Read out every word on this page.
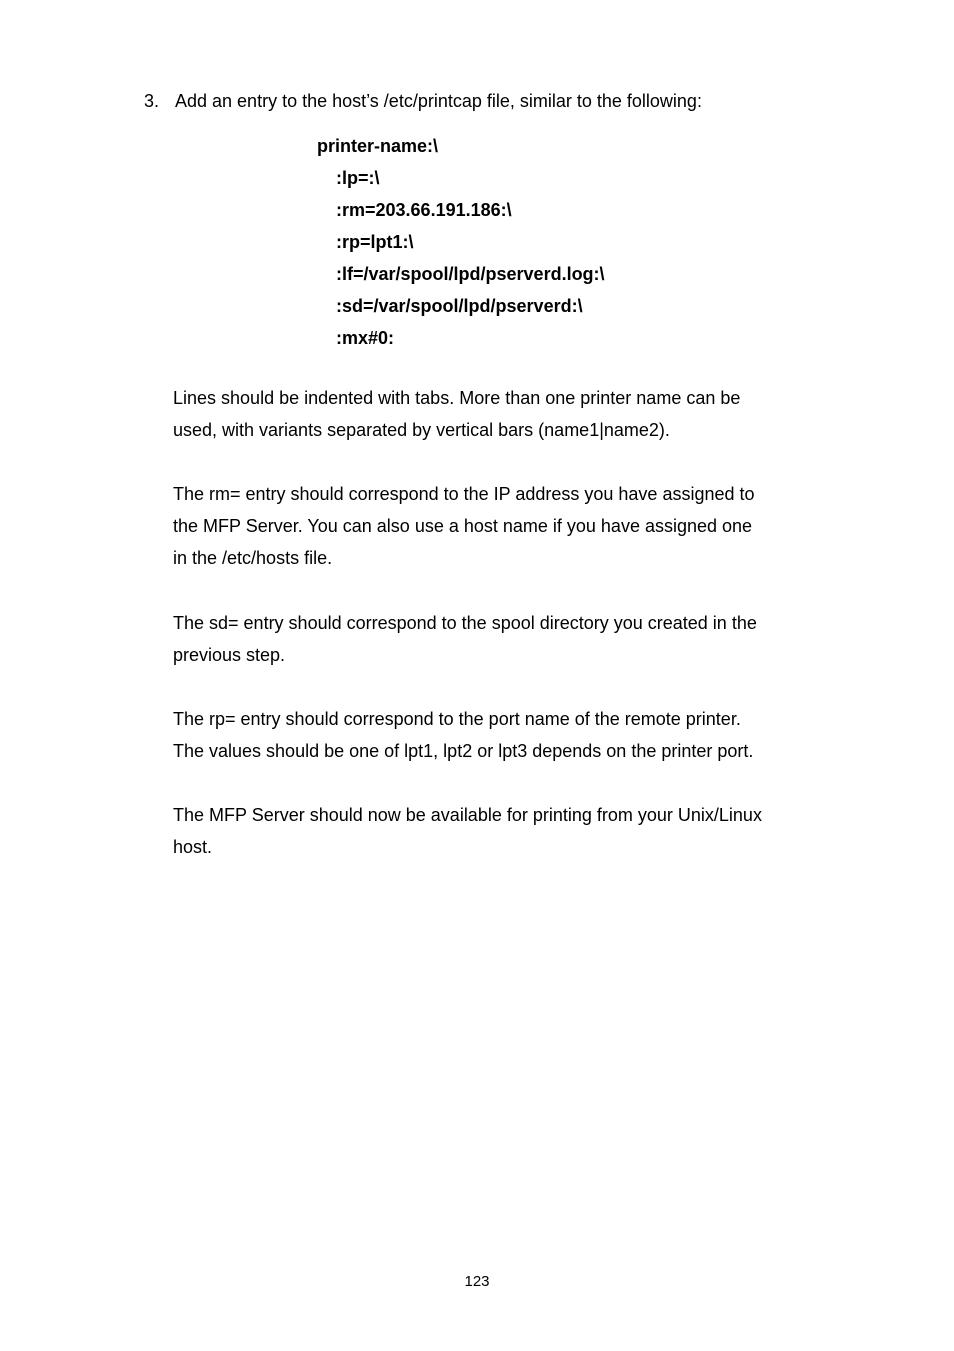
3. Add an entry to the host’s /etc/printcap file, similar to the following:
printer-name:\
:lp=:\
:rm=203.66.191.186:\
:rp=lpt1:\
:lf=/var/spool/lpd/pserverd.log:\
:sd=/var/spool/lpd/pserverd:\
:mx#0:

Lines should be indented with tabs. More than one printer name can be
used, with variants separated by vertical bars (name1|name2).

The rm= entry should correspond to the IP address you have assigned to
the MFP Server. You can also use a host name if you have assigned one
in the /etc/hosts file.

The sd= entry should correspond to the spool directory you created in the
previous step.

The rp= entry should correspond to the port name of the remote printer.
The values should be one of lpt1, lpt2 or lpt3 depends on the printer port.

The MFP Server should now be available for printing from your Unix/Linux
host.

123
